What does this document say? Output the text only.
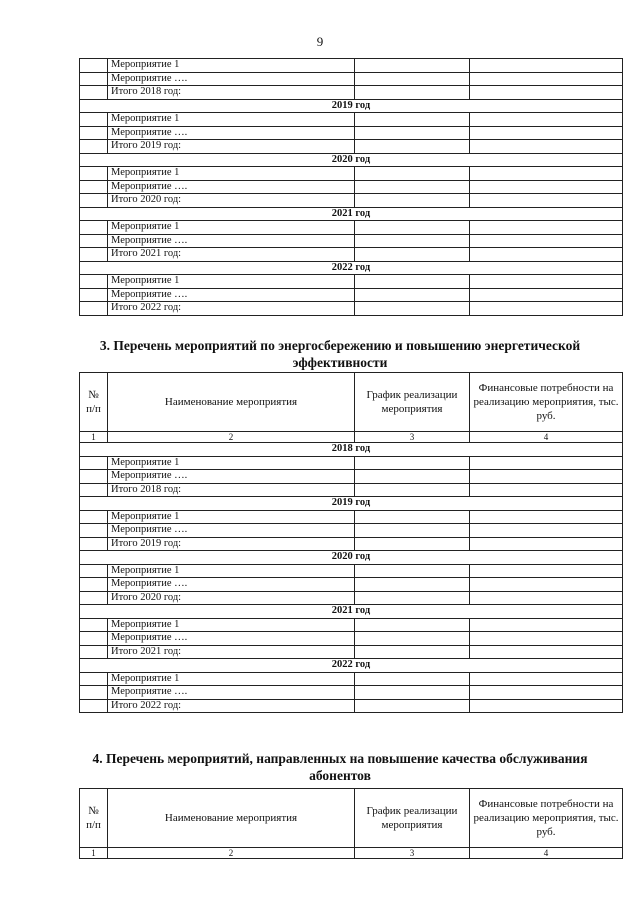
9
	Мероприятие 1		
	Мероприятие ….		
	Итого 2018 год:		
2019 год			
	Мероприятие 1		
	Мероприятие ….		
	Итого 2019 год:		
2020 год			
	Мероприятие 1		
	Мероприятие ….		
	Итого 2020 год:		
2021 год			
	Мероприятие 1		
	Мероприятие ….		
	Итого 2021 год:		
2022 год			
	Мероприятие 1		
	Мероприятие ….		
	Итого 2022 год:		
3. Перечень мероприятий по энергосбережению и повышению энергетической эффективности
№ п/п	Наименование мероприятия	График реализации мероприятия	Финансовые потребности на реализацию мероприятия, тыс. руб.
1	2	3	4
2018 год			
	Мероприятие 1		
	Мероприятие ….		
	Итого 2018 год:		
2019 год			
	Мероприятие 1		
	Мероприятие ….		
	Итого 2019 год:		
2020 год			
	Мероприятие 1		
	Мероприятие ….		
	Итого 2020 год:		
2021 год			
	Мероприятие 1		
	Мероприятие ….		
	Итого 2021 год:		
2022 год			
	Мероприятие 1		
	Мероприятие ….		
	Итого 2022 год:		
4. Перечень мероприятий, направленных на повышение качества обслуживания абонентов
№ п/п	Наименование мероприятия	График реализации мероприятия	Финансовые потребности на реализацию мероприятия, тыс. руб.
1	2	3	4
